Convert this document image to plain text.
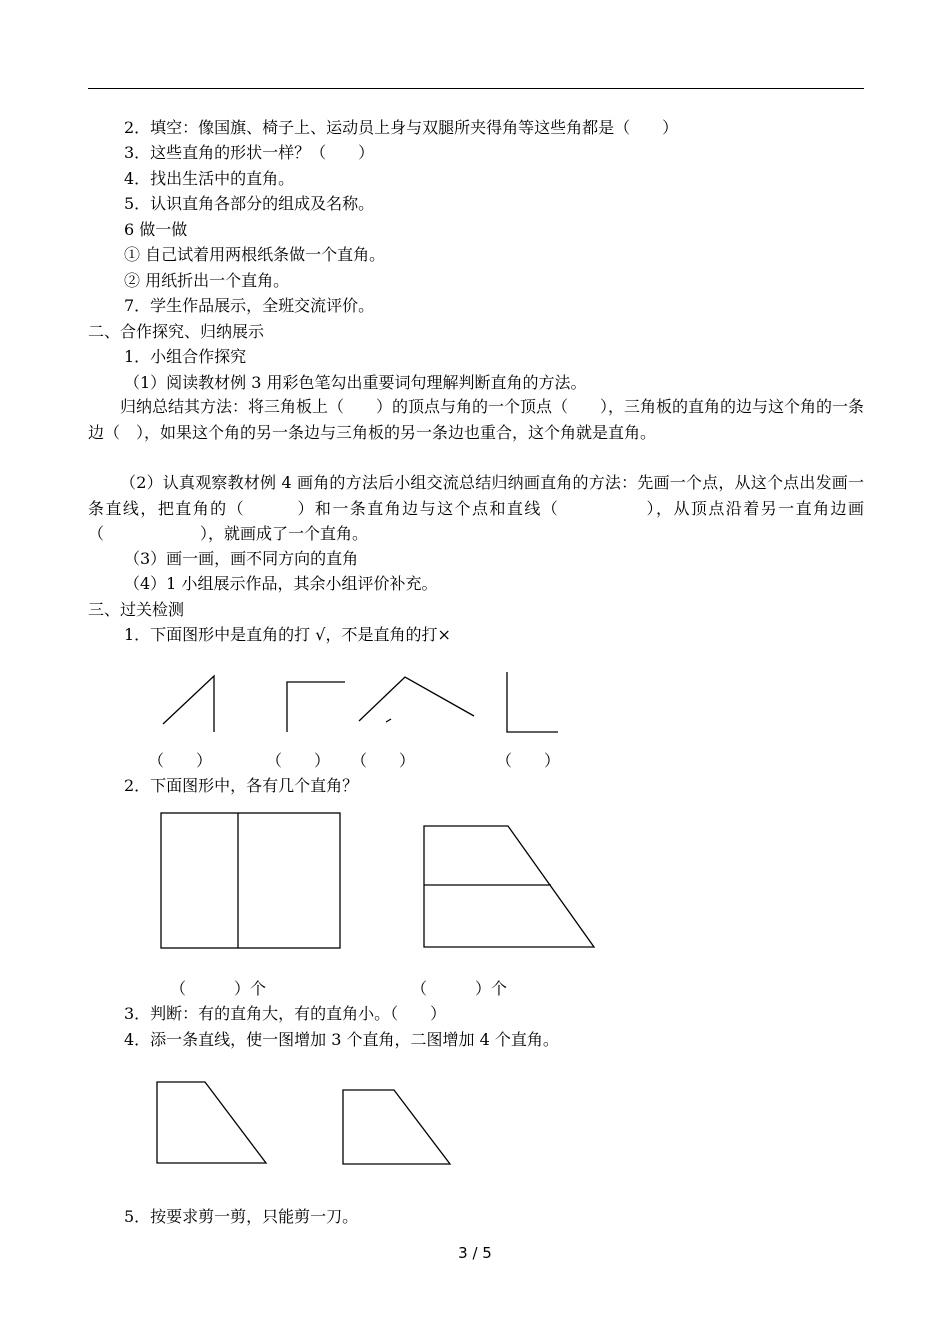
2．填空：像国旗、椅子上、运动员上身与双腿所夹得角等这些角都是（　　）
3．这些直角的形状一样？（　　）
4．找出生活中的直角。
5．认识直角各部分的组成及名称。
6 做一做
① 自己试着用两根纸条做一个直角。
② 用纸折出一个直角。
7．学生作品展示，全班交流评价。
二、合作探究、归纳展示
1．小组合作探究
（1）阅读教材例 3 用彩色笔勾出重要词句理解判断直角的方法。
归纳总结其方法：将三角板上（　　）的顶点与角的一个顶点（　　），三角板的直角的边与这个角的一条边（　），如果这个角的另一条边与三角板的另一条边也重合，这个角就是直角。
（2）认真观察教材例 4 画角的方法后小组交流总结归纳画直角的方法：先画一个点，从这个点出发画一条直线，把直角的（　　　）和一条直角边与这个点和直线（　　　　　），从顶点沿着另一直角边画（　　　　　　），就画成了一个直角。
（3）画一画，画不同方向的直角
（4）1 小组展示作品，其余小组评价补充。
三、过关检测
1．下面图形中是直角的打 √，不是直角的打×
（　　）	（　　） （　　）	（　　）
2．下面图形中，各有几个直角？
（　　　）个	（　　　）个
3．判断：有的直角大，有的直角小。（　　）
4．添一条直线，使一图增加 3 个直角，二图增加 4 个直角。
5．按要求剪一剪，只能剪一刀。
3 / 5
